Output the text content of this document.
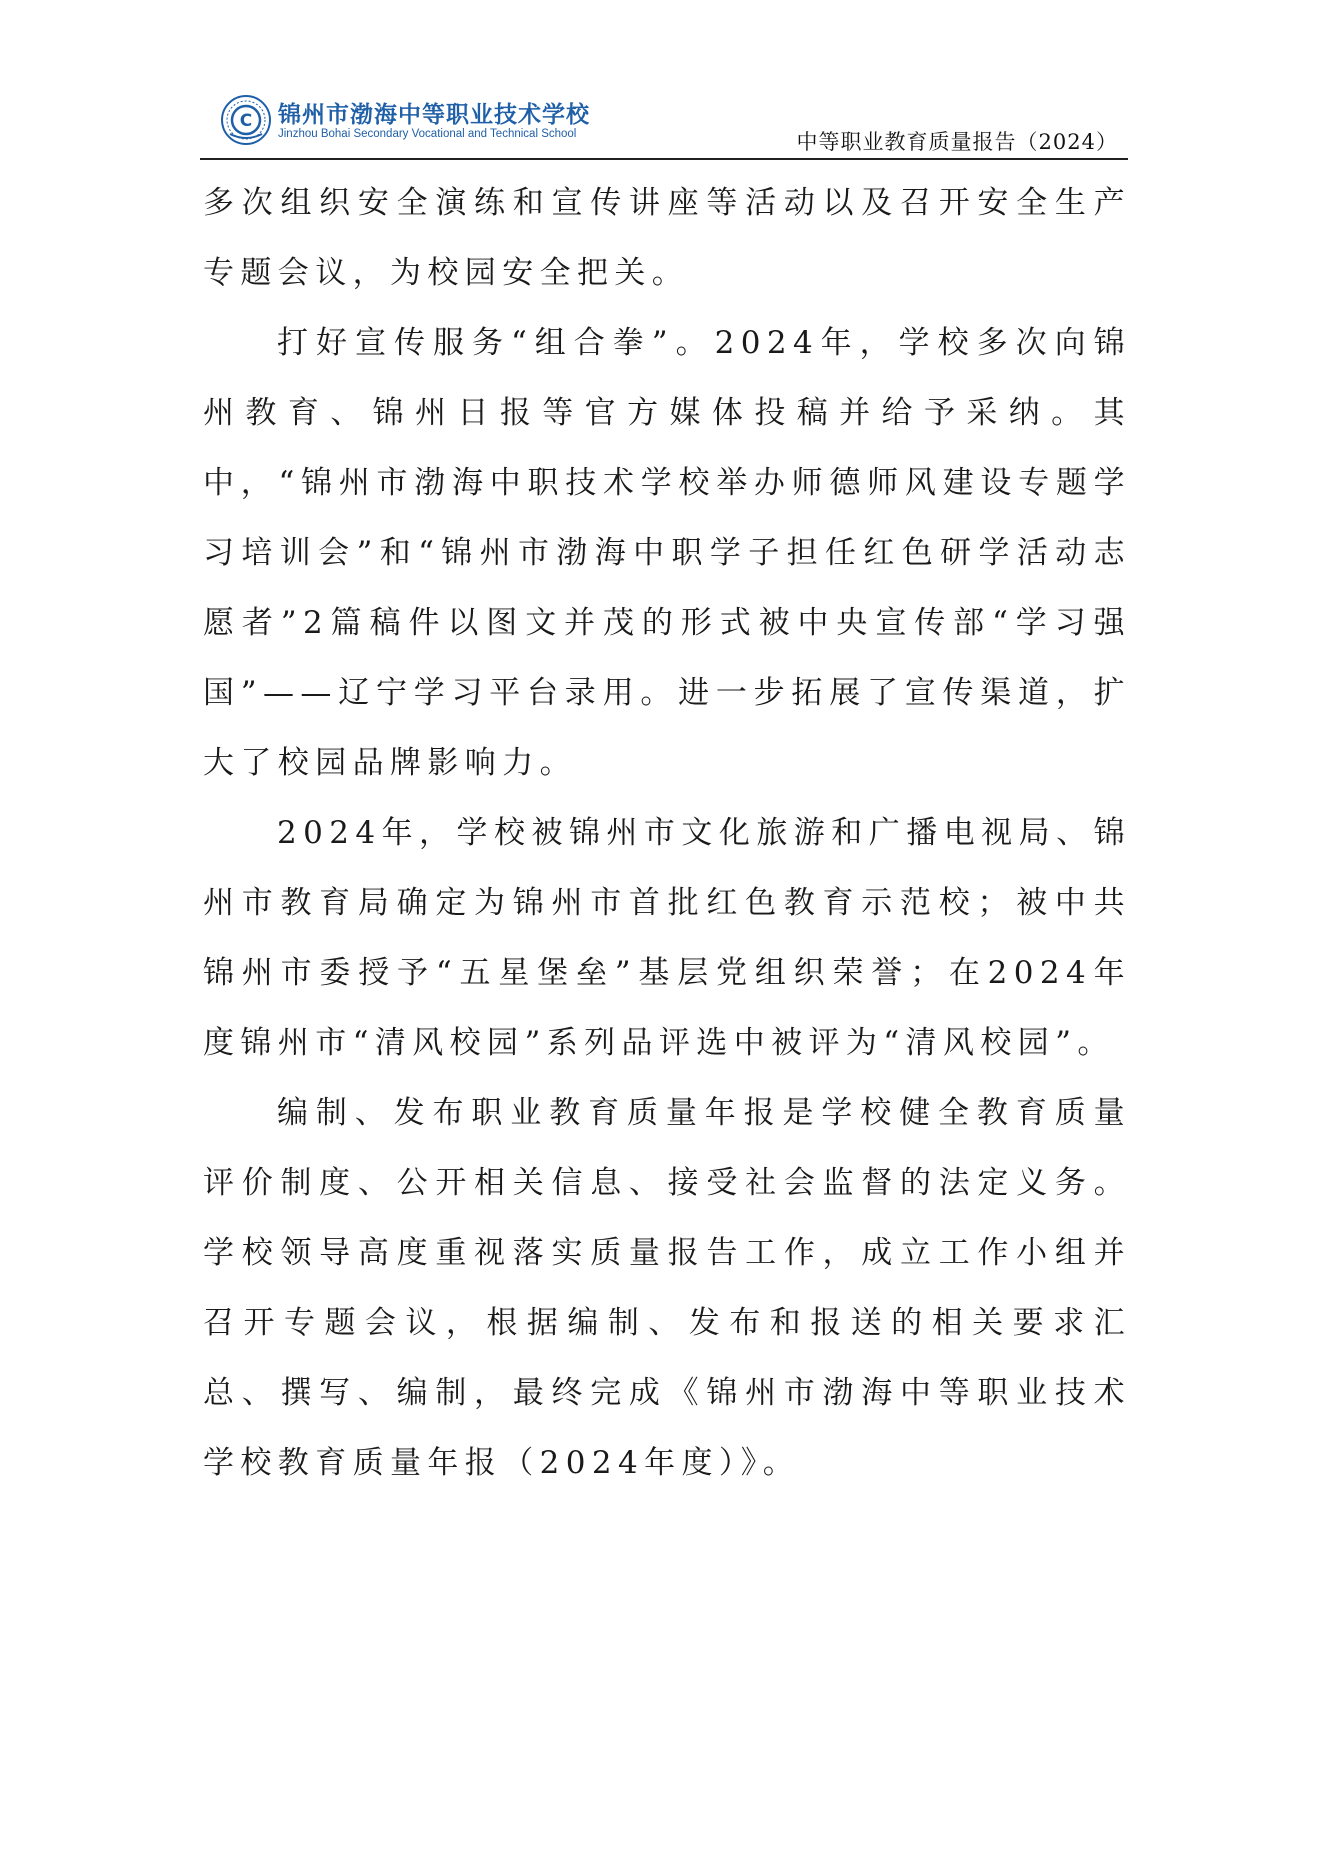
C 锦州市渤海中等职业技术学校
Jinzhou Bohai Secondary Vocational and Technical School	中等职业教育质量报告（2024）

多次组织安全演练和宣传讲座等活动以及召开安全生产专题会议，为校园安全把关。

打好宣传服务“组合拳”。2024年，学校多次向锦州教育、锦州日报等官方媒体投稿并给予采纳。其中，“锦州市渤海中职技术学校举办师德师风建设专题学习培训会”和“锦州市渤海中职学子担任红色研学活动志愿者”2篇稿件以图文并茂的形式被中央宣传部“学习强国”——辽宁学习平台录用。进一步拓展了宣传渠道，扩大了校园品牌影响力。

2024年，学校被锦州市文化旅游和广播电视局、锦州市教育局确定为锦州市首批红色教育示范校；被中共锦州市委授予“五星堡垒”基层党组织荣誉；在2024年度锦州市“清风校园”系列品评选中被评为“清风校园”。

编制、发布职业教育质量年报是学校健全教育质量评价制度、公开相关信息、接受社会监督的法定义务。学校领导高度重视落实质量报告工作，成立工作小组并召开专题会议，根据编制、发布和报送的相关要求汇总、撰写、编制，最终完成《锦州市渤海中等职业技术学校教育质量年报（2024年度）》。
